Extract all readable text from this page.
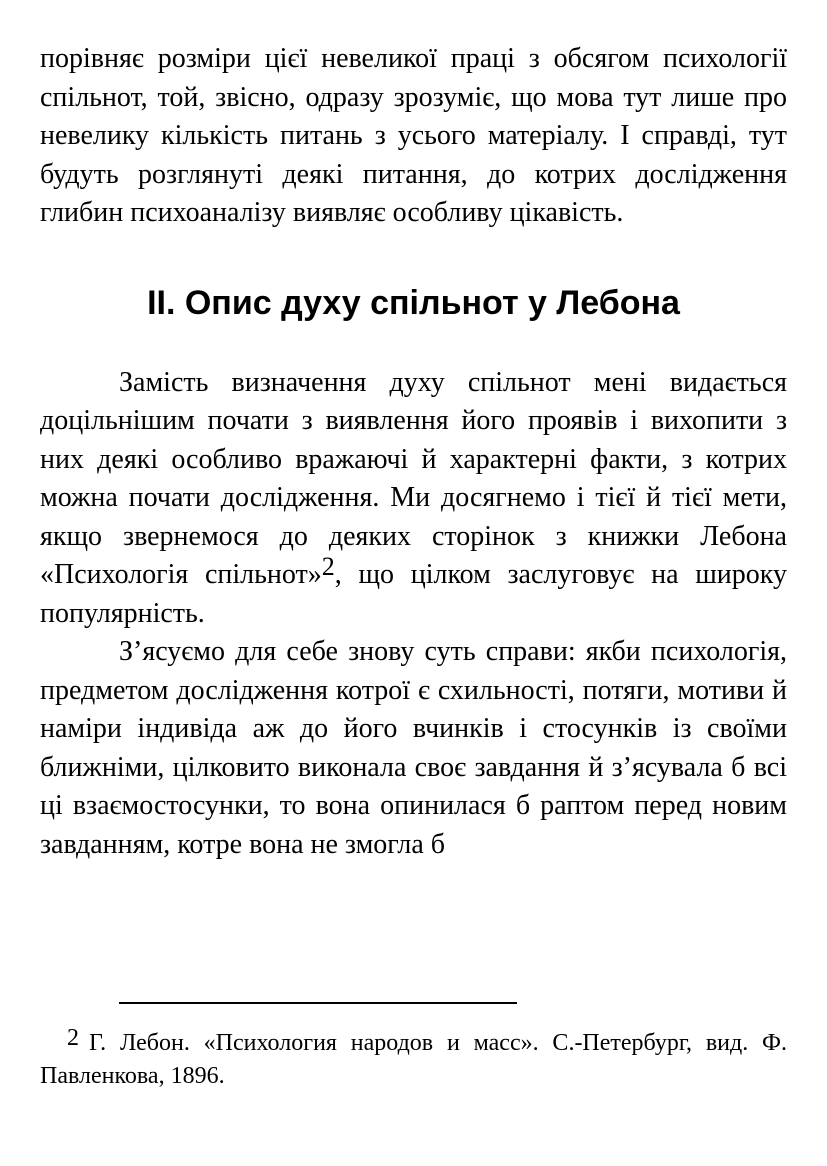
порівняє розміри цієї невеликої праці з обсягом психології спільнот, той, звісно, одразу зрозуміє, що мова тут лише про невелику кількість питань з усього матеріалу. І справді, тут будуть розглянуті деякі питання, до котрих дослідження глибин психоаналізу виявляє особливу цікавість.

II. Опис духу спільнот у Лебона

Замість визначення духу спільнот мені видається доцільнішим почати з виявлення його проявів і вихопити з них деякі особливо вражаючі й характерні факти, з котрих можна почати дослідження. Ми досягнемо і тієї й тієї мети, якщо звернемося до деяких сторінок з книжки Лебона «Психологія спільнот»$^2$, що цілком заслуговує на широку популярність.

З’ясуємо для себе знову суть справи: якби психологія, предметом дослідження котрої є схильності, потяги, мотиви й наміри індивіда аж до його вчинків і стосунків із своїми ближніми, цілковито виконала своє завдання й з’ясувала б всі ці взаємостосунки, то вона опинилася б раптом перед новим завданням, котре вона не змогла б

2 Г. Лебон. «Психология народов и масс». С.-Петербург, вид. Ф. Павленкова, 1896.
